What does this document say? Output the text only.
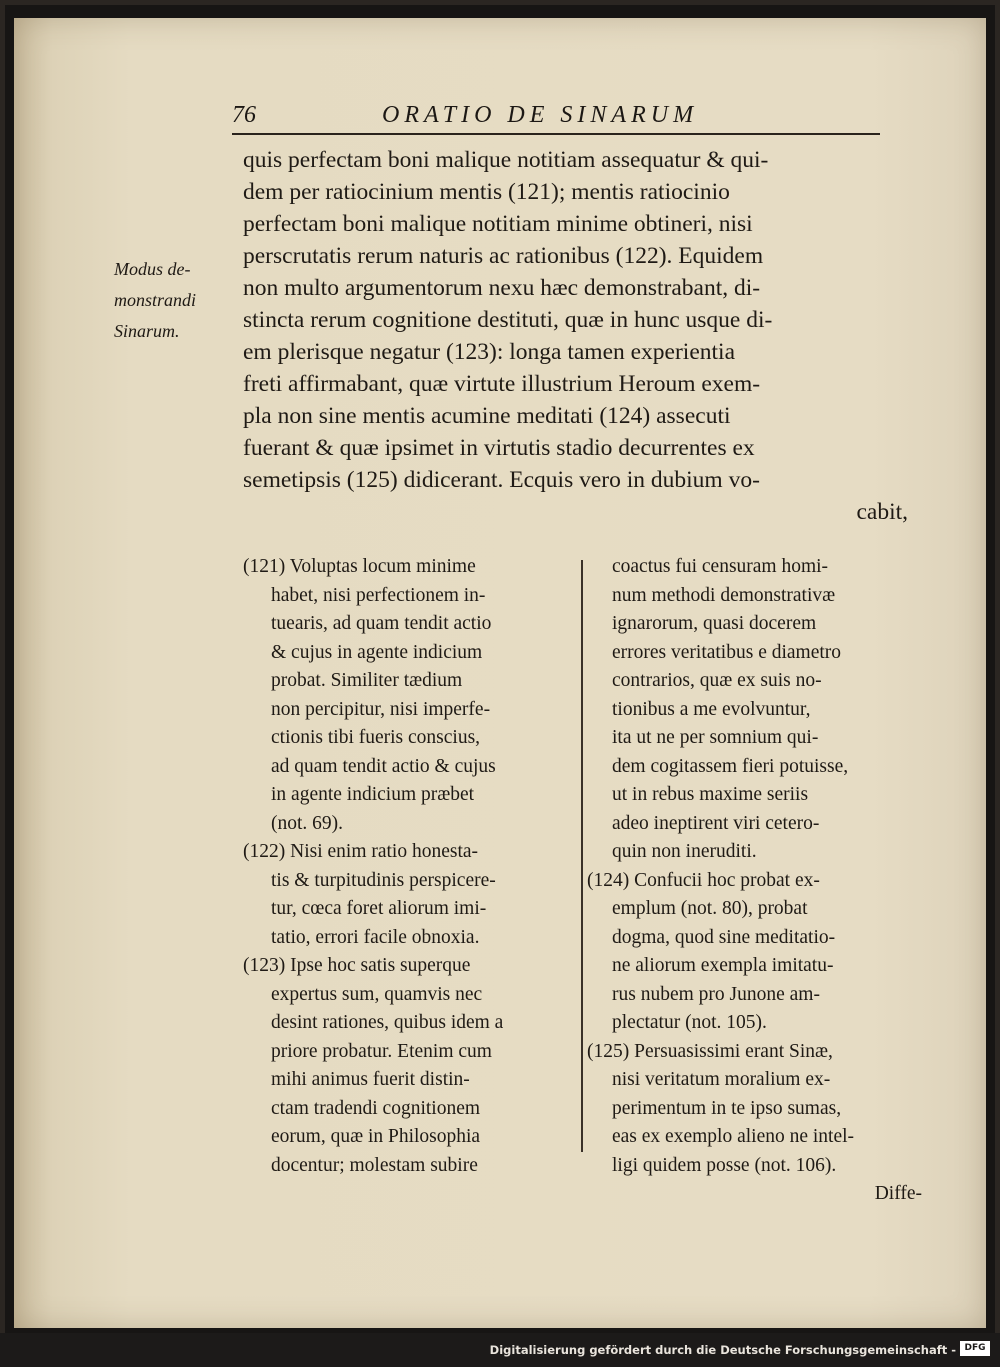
76	ORATIO DE SINARUM
Modus de-
monstrandi
Sinarum.
quis perfectam boni malique notitiam assequatur & qui-
dem per ratiocinium mentis (121); mentis ratiocinio
perfectam boni malique notitiam minime obtineri, nisi
perscrutatis rerum naturis ac rationibus (122). Equidem
non multo argumentorum nexu hæc demonstrabant, di-
stincta rerum cognitione destituti, quæ in hunc usque di-
em plerisque negatur (123): longa tamen experientia
freti affirmabant, quæ virtute illustrium Heroum exem-
pla non sine mentis acumine meditati (124) assecuti
fuerant & quæ ipsimet in virtutis stadio decurrentes ex
semetipsis (125) didicerant. Ecquis vero in dubium vo-
cabit,
(121) Voluptas locum minime
habet, nisi perfectionem in-
tuearis, ad quam tendit actio
& cujus in agente indicium
probat. Similiter tædium
non percipitur, nisi imperfe-
ctionis tibi fueris conscius,
ad quam tendit actio & cujus
in agente indicium præbet
(not. 69).
(122) Nisi enim ratio honesta-
tis & turpitudinis perspicere-
tur, cœca foret aliorum imi-
tatio, errori facile obnoxia.
(123) Ipse hoc satis superque
expertus sum, quamvis nec
desint rationes, quibus idem a
priore probatur. Etenim cum
mihi animus fuerit distin-
ctam tradendi cognitionem
eorum, quæ in Philosophia
docentur; molestam subire
coactus fui censuram homi-
num methodi demonstrativæ
ignarorum, quasi docerem
errores veritatibus e diametro
contrarios, quæ ex suis no-
tionibus a me evolvuntur,
ita ut ne per somnium qui-
dem cogitassem fieri potuisse,
ut in rebus maxime seriis
adeo ineptirent viri cetero-
quin non ineruditi.
(124) Confucii hoc probat ex-
emplum (not. 80), probat
dogma, quod sine meditatio-
ne aliorum exempla imitatu-
rus nubem pro Junone am-
plectatur (not. 105).
(125) Persuasissimi erant Sinæ,
nisi veritatum moralium ex-
perimentum in te ipso sumas,
eas ex exemplo alieno ne intel-
ligi quidem posse (not. 106).
Diffe-
Digitalisierung gefördert durch die Deutsche Forschungsgemeinschaft - DFG
